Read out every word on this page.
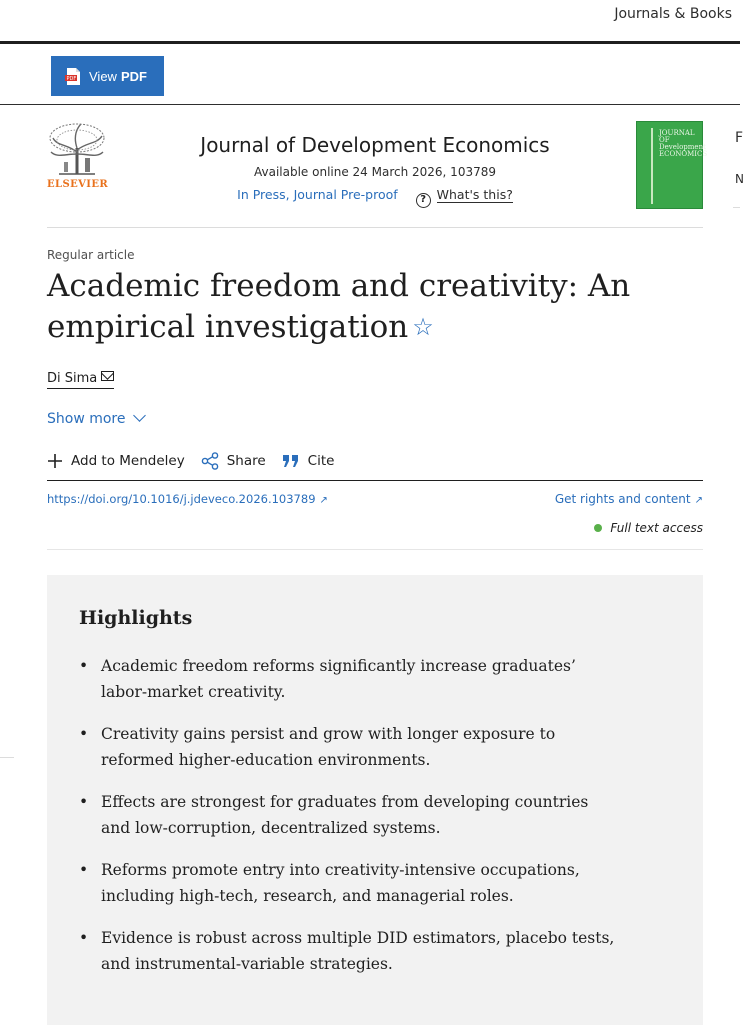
Journals & Books
PDF View PDF
ELSEVIER
Journal of Development Economics
Available online 24 March 2026, 103789
In Press, Journal Pre-proof ? What's this?
JOURNAL OF Development ECONOMICS
F
N
Regular article
Academic freedom and creativity: An empirical investigation ☆
Di Sima
Show more
Add to Mendeley	Share	Cite
https://doi.org/10.1016/j.jdeveco.2026.103789 ↗	Get rights and content ↗
Full text access
Highlights
• Academic freedom reforms significantly increase graduates’ labor-market creativity.
• Creativity gains persist and grow with longer exposure to reformed higher-education environments.
• Effects are strongest for graduates from developing countries and low-corruption, decentralized systems.
• Reforms promote entry into creativity-intensive occupations, including high-tech, research, and managerial roles.
• Evidence is robust across multiple DID estimators, placebo tests, and instrumental-variable strategies.
